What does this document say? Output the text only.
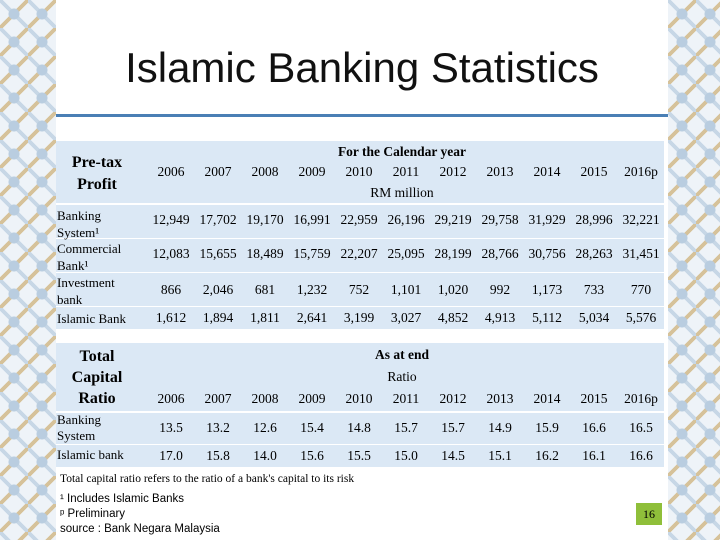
Islamic Banking Statistics
Pre-tax Profit
For the Calendar year
RM million
2006	2007	2008	2009	2010	2011	2012	2013	2014	2015	2016p
Banking System¹
12,949 17,702 19,170 16,991 22,959 26,196 29,219 29,758 31,929 28,996 32,221
Commercial Bank¹
12,083 15,655 18,489 15,759 22,207 25,095 28,199 28,766 30,756 28,263 31,451
Investment bank
866	2,046	681	1,232	752	1,101	1,020	992	1,173	733	770
Islamic Bank	1,612	1,894	1,811	2,641	3,199	3,027	4,852	4,913	5,112	5,034	5,576
Total Capital Ratio
As at end
Ratio
2006	2007	2008	2009	2010	2011	2012	2013	2014	2015	2016p
Banking System
13.5	13.2	12.6	15.4	14.8	15.7	15.7	14.9	15.9	16.6	16.5
Islamic bank	17.0	15.8	14.0	15.6	15.5	15.0	14.5	15.1	16.2	16.1	16.6
Total capital ratio refers to the ratio of a bank's capital to its risk
¹ Includes Islamic Banks
ᵖ Preliminary
source : Bank Negara Malaysia
16
